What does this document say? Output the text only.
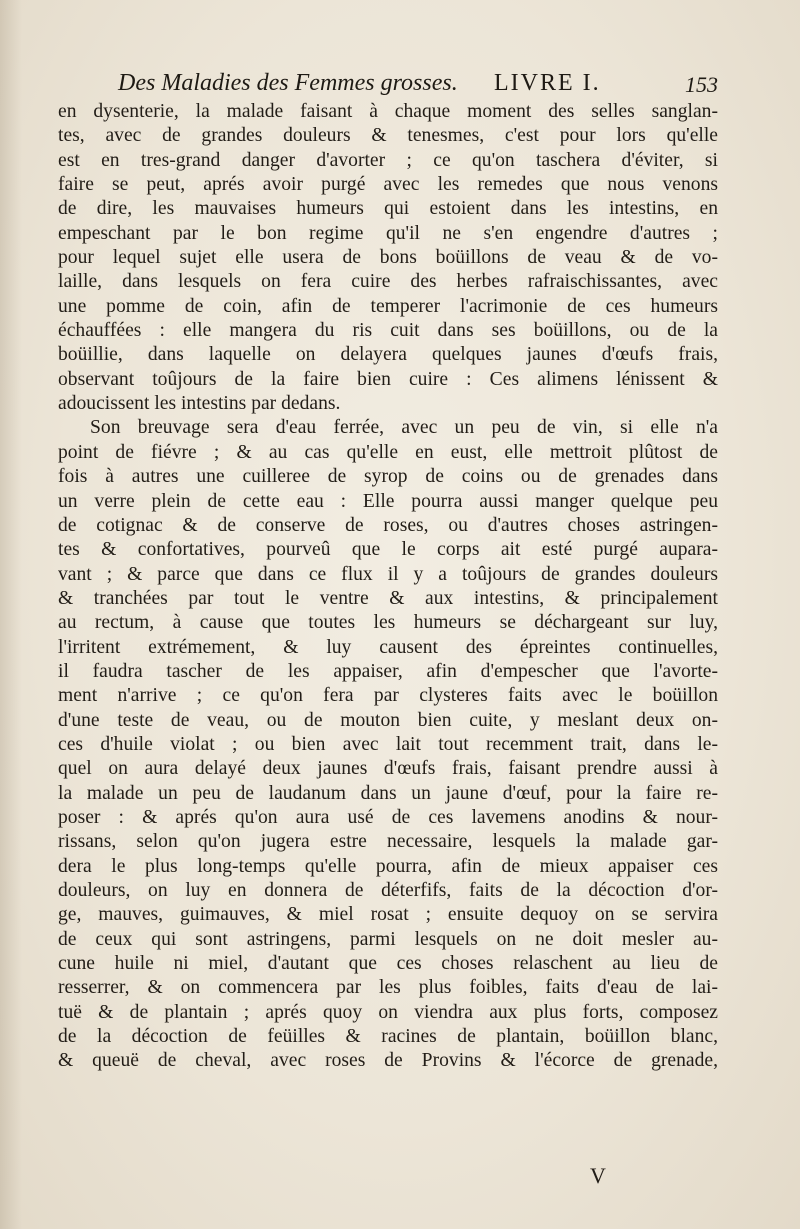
Des Maladies des Femmes grosses. LIVRE I.	153
en dysenterie, la malade faisant à chaque moment des selles sanglan-
tes, avec de grandes douleurs & tenesmes, c'est pour lors qu'elle
est en tres-grand danger d'avorter ; ce qu'on taschera d'éviter, si
faire se peut, aprés avoir purgé avec les remedes que nous venons
de dire, les mauvaises humeurs qui estoient dans les intestins, en
empeschant par le bon regime qu'il ne s'en engendre d'autres ;
pour lequel sujet elle usera de bons boüillons de veau & de vo-
laille, dans lesquels on fera cuire des herbes rafraischissantes, avec
une pomme de coin, afin de temperer l'acrimonie de ces humeurs
échauffées : elle mangera du ris cuit dans ses boüillons, ou de la
boüillie, dans laquelle on delayera quelques jaunes d'œufs frais,
observant toûjours de la faire bien cuire : Ces alimens lénissent &
adoucissent les intestins par dedans.
Son breuvage sera d'eau ferrée, avec un peu de vin, si elle n'a
point de fiévre ; & au cas qu'elle en eust, elle mettroit plûtost de
fois à autres une cuilleree de syrop de coins ou de grenades dans
un verre plein de cette eau : Elle pourra aussi manger quelque peu
de cotignac & de conserve de roses, ou d'autres choses astringen-
tes & confortatives, pourveû que le corps ait esté purgé aupara-
vant ; & parce que dans ce flux il y a toûjours de grandes douleurs
& tranchées par tout le ventre & aux intestins, & principalement
au rectum, à cause que toutes les humeurs se déchargeant sur luy,
l'irritent extrémement, & luy causent des épreintes continuelles,
il faudra tascher de les appaiser, afin d'empescher que l'avorte-
ment n'arrive ; ce qu'on fera par clysteres faits avec le boüillon
d'une teste de veau, ou de mouton bien cuite, y meslant deux on-
ces d'huile violat ; ou bien avec lait tout recemment trait, dans le-
quel on aura delayé deux jaunes d'œufs frais, faisant prendre aussi à
la malade un peu de laudanum dans un jaune d'œuf, pour la faire re-
poser : & aprés qu'on aura usé de ces lavemens anodins & nour-
rissans, selon qu'on jugera estre necessaire, lesquels la malade gar-
dera le plus long-temps qu'elle pourra, afin de mieux appaiser ces
douleurs, on luy en donnera de déterfifs, faits de la décoction d'or-
ge, mauves, guimauves, & miel rosat ; ensuite dequoy on se servira
de ceux qui sont astringens, parmi lesquels on ne doit mesler au-
cune huile ni miel, d'autant que ces choses relaschent au lieu de
resserrer, & on commencera par les plus foibles, faits d'eau de lai-
tuë & de plantain ; aprés quoy on viendra aux plus forts, composez
de la décoction de feüilles & racines de plantain, boüillon blanc,
& queuë de cheval, avec roses de Provins & l'écorce de grenade,
V
